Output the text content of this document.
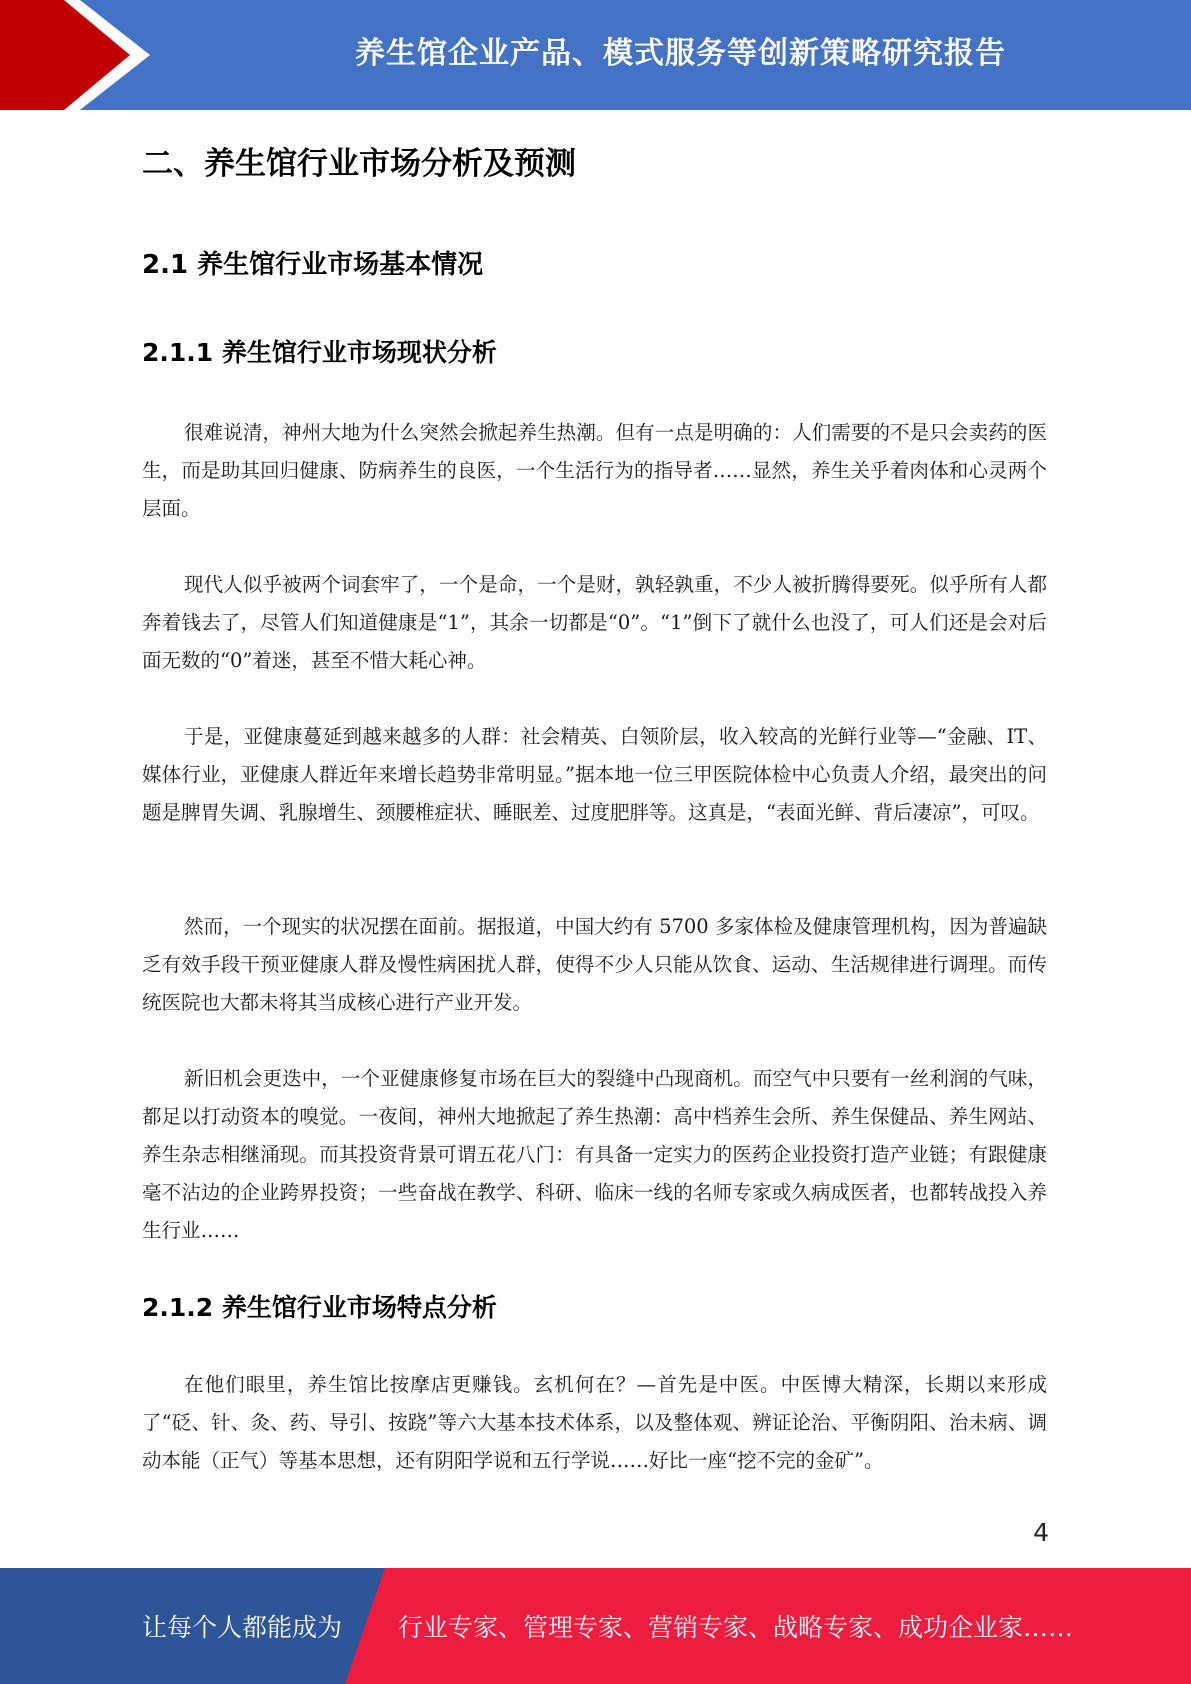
养生馆企业产品、模式服务等创新策略研究报告
二、养生馆行业市场分析及预测
2.1 养生馆行业市场基本情况
2.1.1 养生馆行业市场现状分析

很难说清，神州大地为什么突然会掀起养生热潮。但有一点是明确的：人们需要的不是只会卖药的医生，而是助其回归健康、防病养生的良医，一个生活行为的指导者……显然，养生关乎着肉体和心灵两个层面。

现代人似乎被两个词套牢了，一个是命，一个是财，孰轻孰重，不少人被折腾得要死。似乎所有人都奔着钱去了，尽管人们知道健康是“1”，其余一切都是“0”。“1”倒下了就什么也没了，可人们还是会对后面无数的“0”着迷，甚至不惜大耗心神。

于是，亚健康蔓延到越来越多的人群：社会精英、白领阶层，收入较高的光鲜行业等—“金融、IT、媒体行业，亚健康人群近年来增长趋势非常明显。”据本地一位三甲医院体检中心负责人介绍，最突出的问题是脾胃失调、乳腺增生、颈腰椎症状、睡眠差、过度肥胖等。这真是，“表面光鲜、背后凄凉”，可叹。

然而，一个现实的状况摆在面前。据报道，中国大约有 5700 多家体检及健康管理机构，因为普遍缺乏有效手段干预亚健康人群及慢性病困扰人群，使得不少人只能从饮食、运动、生活规律进行调理。而传统医院也大都未将其当成核心进行产业开发。

新旧机会更迭中，一个亚健康修复市场在巨大的裂缝中凸现商机。而空气中只要有一丝利润的气味，都足以打动资本的嗅觉。一夜间，神州大地掀起了养生热潮：高中档养生会所、养生保健品、养生网站、养生杂志相继涌现。而其投资背景可谓五花八门：有具备一定实力的医药企业投资打造产业链；有跟健康毫不沾边的企业跨界投资；一些奋战在教学、科研、临床一线的名师专家或久病成医者，也都转战投入养生行业……

2.1.2 养生馆行业市场特点分析

在他们眼里，养生馆比按摩店更赚钱。玄机何在？—首先是中医。中医博大精深，长期以来形成了“砭、针、灸、药、导引、按跷”等六大基本技术体系，以及整体观、辨证论治、平衡阴阳、治未病、调动本能（正气）等基本思想，还有阴阳学说和五行学说……好比一座“挖不完的金矿”。

4
让每个人都能成为 行业专家、管理专家、营销专家、战略专家、成功企业家……
